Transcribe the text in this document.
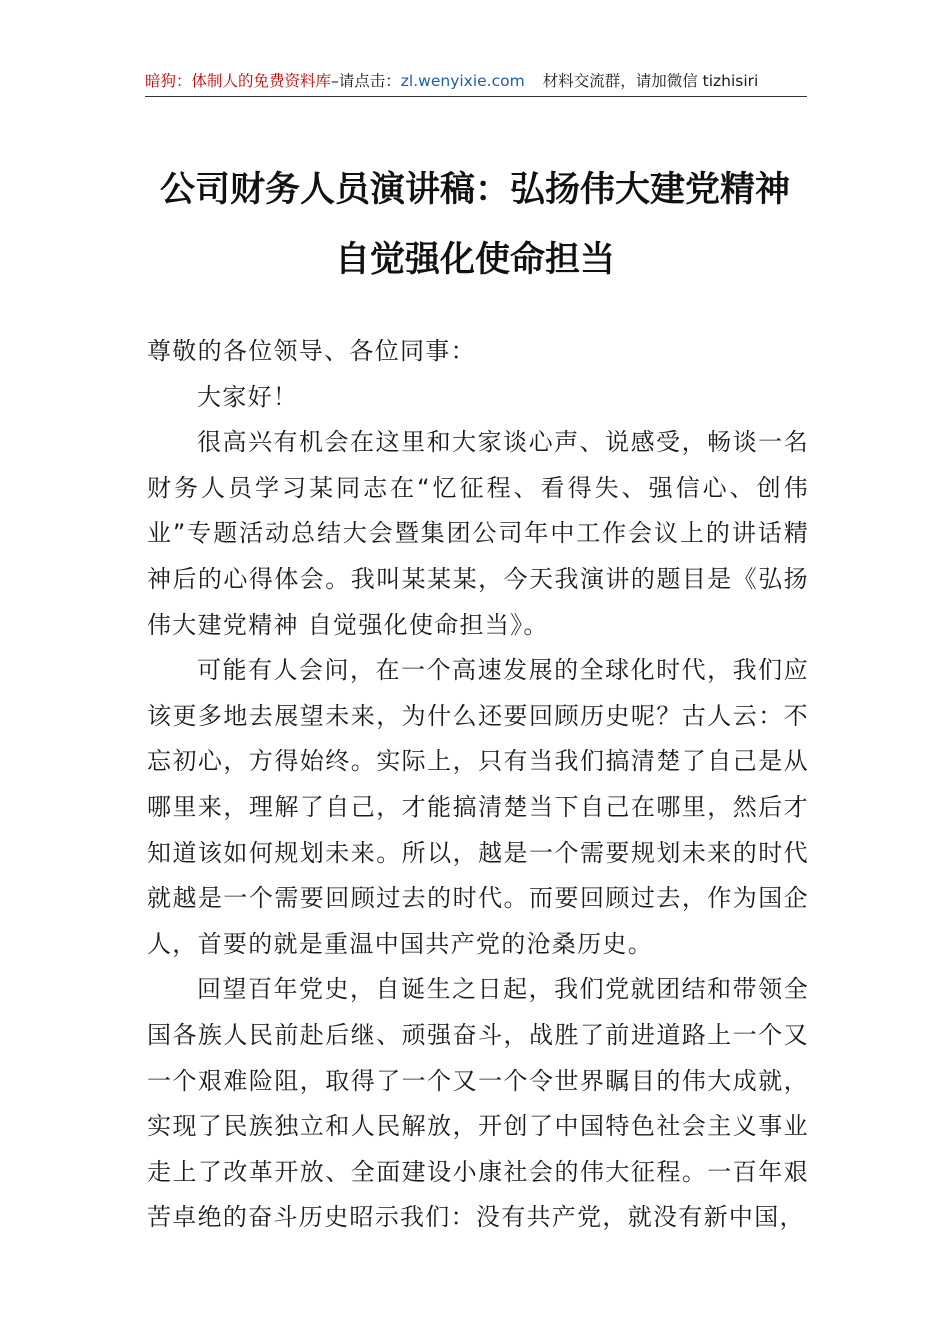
暗狗：体制人的免费资料库–请点击：zl.wenyixie.com 材料交流群，请加微信 tizhisiri
公司财务人员演讲稿：弘扬伟大建党精神
自觉强化使命担当

尊敬的各位领导、各位同事：

大家好！

很高兴有机会在这里和大家谈心声、说感受，畅谈一名财务人员学习某同志在“忆征程、看得失、强信心、创伟业”专题活动总结大会暨集团公司年中工作会议上的讲话精神后的心得体会。我叫某某某，今天我演讲的题目是《弘扬伟大建党精神 自觉强化使命担当》。

可能有人会问，在一个高速发展的全球化时代，我们应该更多地去展望未来，为什么还要回顾历史呢？古人云：不忘初心，方得始终。实际上，只有当我们搞清楚了自己是从哪里来，理解了自己，才能搞清楚当下自己在哪里，然后才知道该如何规划未来。所以，越是一个需要规划未来的时代就越是一个需要回顾过去的时代。而要回顾过去，作为国企人，首要的就是重温中国共产党的沧桑历史。

回望百年党史，自诞生之日起，我们党就团结和带领全国各族人民前赴后继、顽强奋斗，战胜了前进道路上一个又一个艰难险阻，取得了一个又一个令世界瞩目的伟大成就，实现了民族独立和人民解放，开创了中国特色社会主义事业走上了改革开放、全面建设小康社会的伟大征程。一百年艰苦卓绝的奋斗历史昭示我们：没有共产党，就没有新中国，
